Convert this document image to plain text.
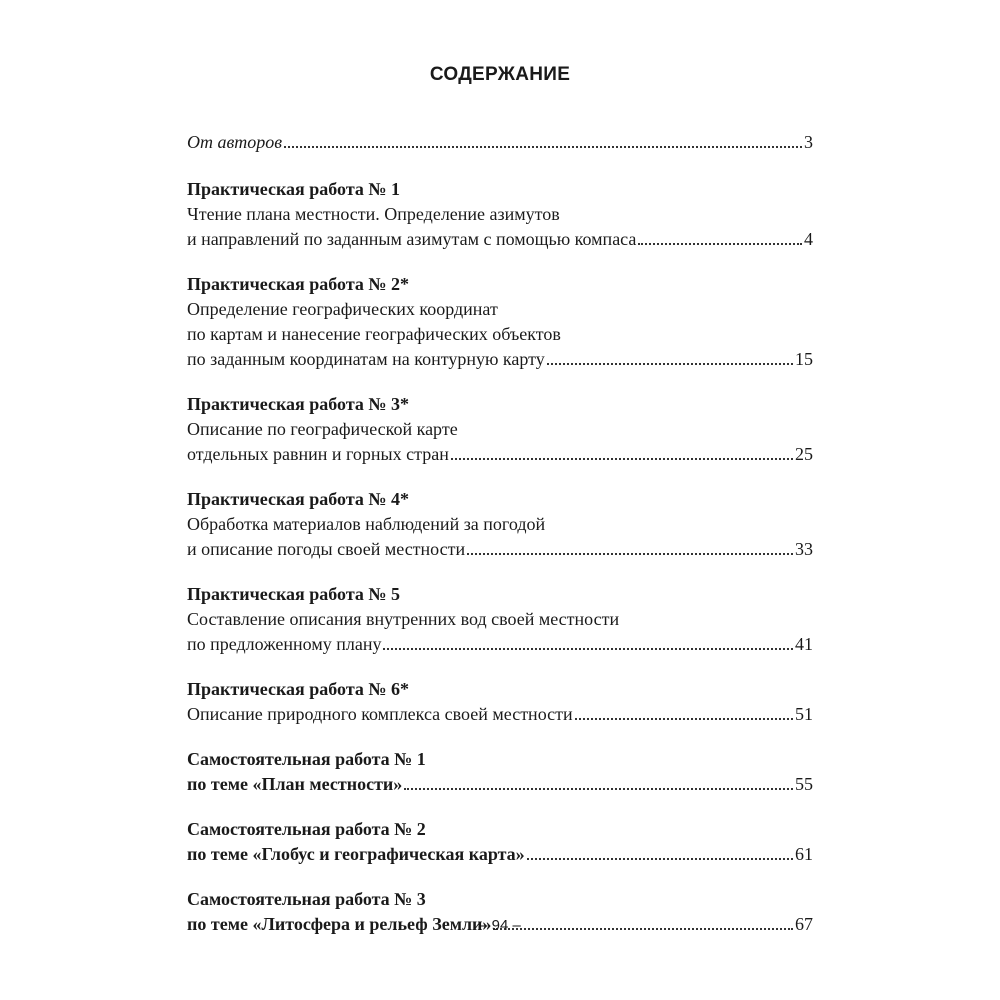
СОДЕРЖАНИЕ
От авторов	3
Практическая работа № 1
Чтение плана местности. Определение азимутов
и направлений по заданным азимутам с помощью компаса	4
Практическая работа № 2*
Определение географических координат
по картам и нанесение географических объектов
по заданным координатам на контурную карту	15
Практическая работа № 3*
Описание по географической карте
отдельных равнин и горных стран	25
Практическая работа № 4*
Обработка материалов наблюдений за погодой
и описание погоды своей местности	33
Практическая работа № 5
Составление описания внутренних вод своей местности
по предложенному плану	41
Практическая работа № 6*
Описание природного комплекса своей местности	51
Самостоятельная работа № 1
по теме «План местности»	55
Самостоятельная работа № 2
по теме «Глобус и географическая карта»	61
Самостоятельная работа № 3
по теме «Литосфера и рельеф Земли»	67
– 94 –
